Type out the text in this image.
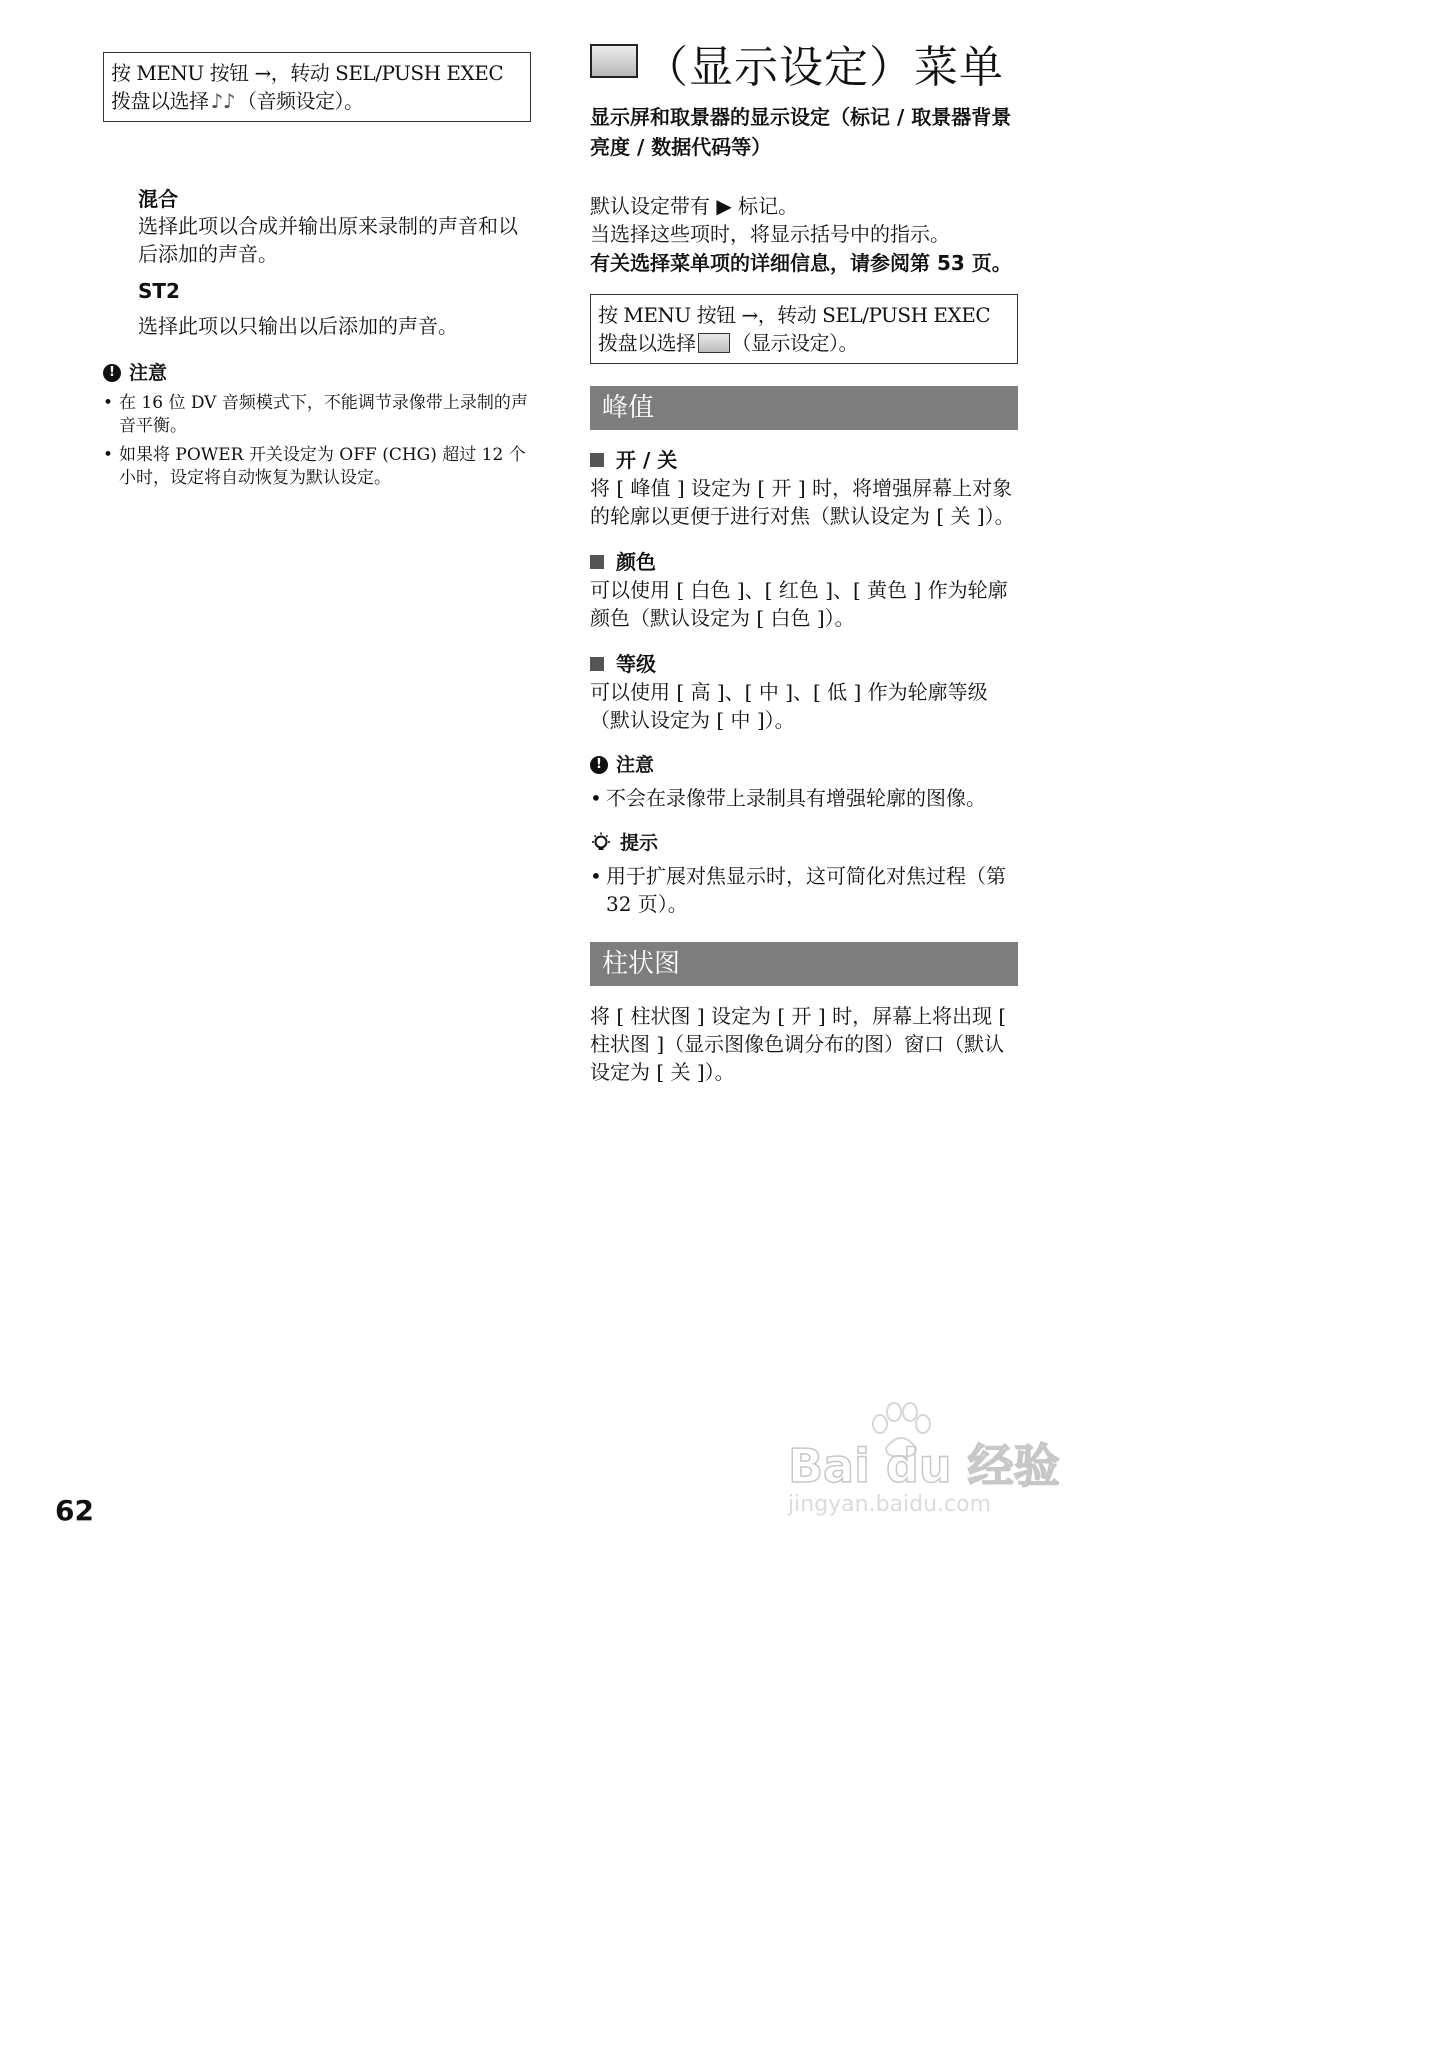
按 MENU 按钮 →，转动 SEL/PUSH EXEC
拨盘以选择 ♪♪ （音频设定）。
混合
选择此项以合成并输出原来录制的声音和以后添加的声音。
ST2
选择此项以只输出以后添加的声音。
! 注意
• 在 16 位 DV 音频模式下，不能调节录像带上录制的声音平衡。
• 如果将 POWER 开关设定为 OFF (CHG) 超过 12 个小时，设定将自动恢复为默认设定。
（显示设定）菜单
显示屏和取景器的显示设定（标记 / 取景器背景亮度 / 数据代码等）
默认设定带有 ▶ 标记。
当选择这些项时，将显示括号中的指示。
有关选择菜单项的详细信息，请参阅第 53 页。
按 MENU 按钮 →，转动 SEL/PUSH EXEC
拨盘以选择 （显示设定）。
峰值
开 / 关
将 [ 峰值 ] 设定为 [ 开 ] 时，将增强屏幕上对象的轮廓以更便于进行对焦（默认设定为 [ 关 ]）。
颜色
可以使用 [ 白色 ]、[ 红色 ]、[ 黄色 ] 作为轮廓颜色（默认设定为 [ 白色 ]）。
等级
可以使用 [ 高 ]、[ 中 ]、[ 低 ] 作为轮廓等级（默认设定为 [ 中 ]）。
! 注意
• 不会在录像带上录制具有增强轮廓的图像。
提示
• 用于扩展对焦显示时，这可简化对焦过程（第 32 页）。
柱状图
将 [ 柱状图 ] 设定为 [ 开 ] 时，屏幕上将出现 [ 柱状图 ]（显示图像色调分布的图）窗口（默认设定为 [ 关 ]）。
62
Bai du 经验
jingyan.baidu.com
